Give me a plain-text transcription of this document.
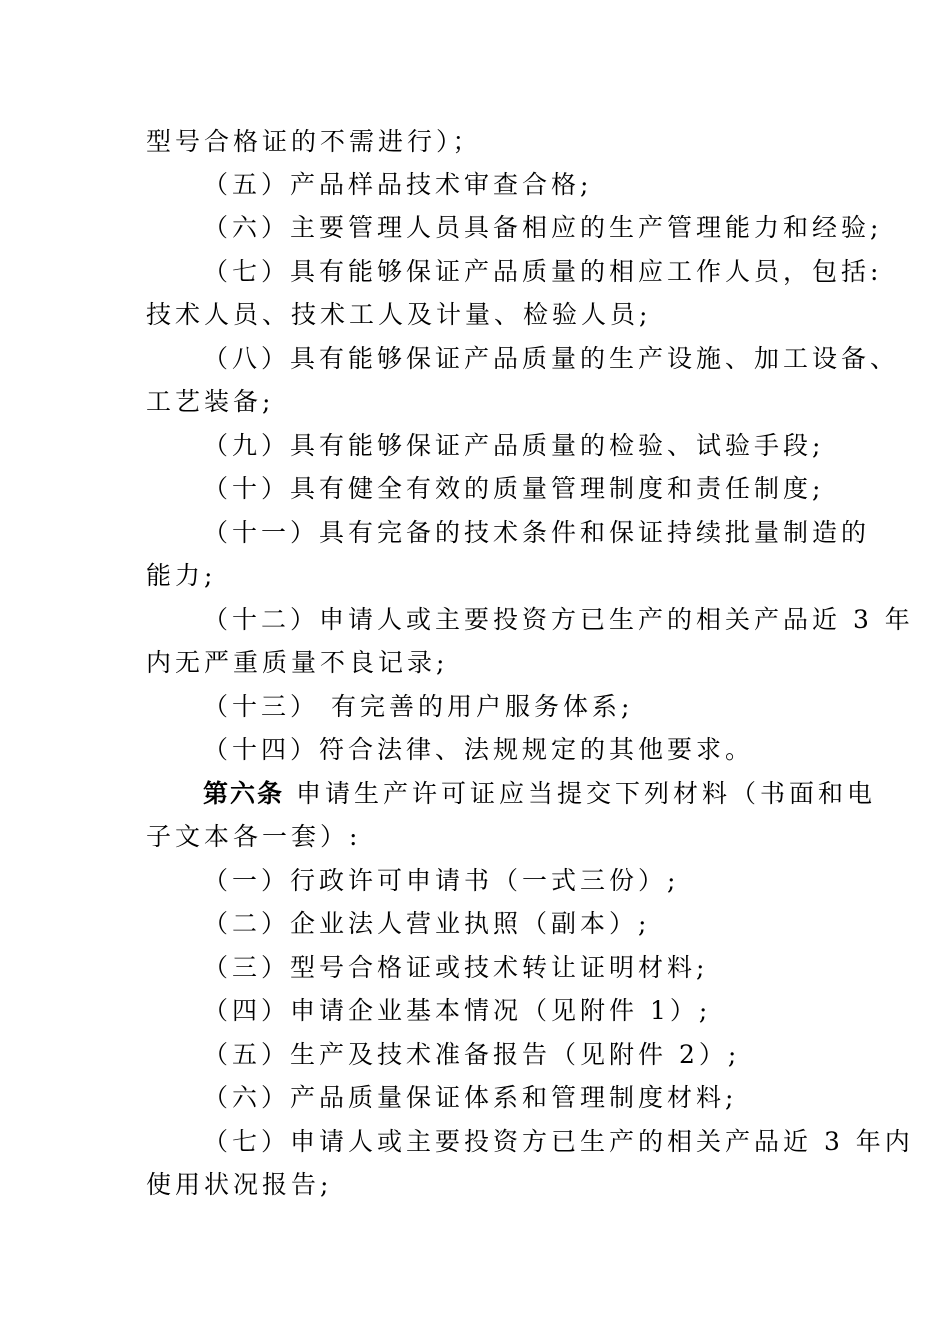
型号合格证的不需进行）；
（五）产品样品技术审查合格;
（六）主要管理人员具备相应的生产管理能力和经验;
（七）具有能够保证产品质量的相应工作人员，包括:
技术人员、技术工人及计量、检验人员;
（八）具有能够保证产品质量的生产设施、加工设备、
工艺装备;
（九）具有能够保证产品质量的检验、试验手段;
（十）具有健全有效的质量管理制度和责任制度;
（十一）具有完备的技术条件和保证持续批量制造的
能力;
（十二）申请人或主要投资方已生产的相关产品近 3 年
内无严重质量不良记录;
（十三） 有完善的用户服务体系;
（十四）符合法律、法规规定的其他要求。
第六条 申请生产许可证应当提交下列材料（书面和电
子文本各一套）:
（一）行政许可申请书（一式三份）;
（二）企业法人营业执照（副本）;
（三）型号合格证或技术转让证明材料;
（四）申请企业基本情况（见附件 1）;
（五）生产及技术准备报告（见附件 2）;
（六）产品质量保证体系和管理制度材料;
（七）申请人或主要投资方已生产的相关产品近 3 年内
使用状况报告;
